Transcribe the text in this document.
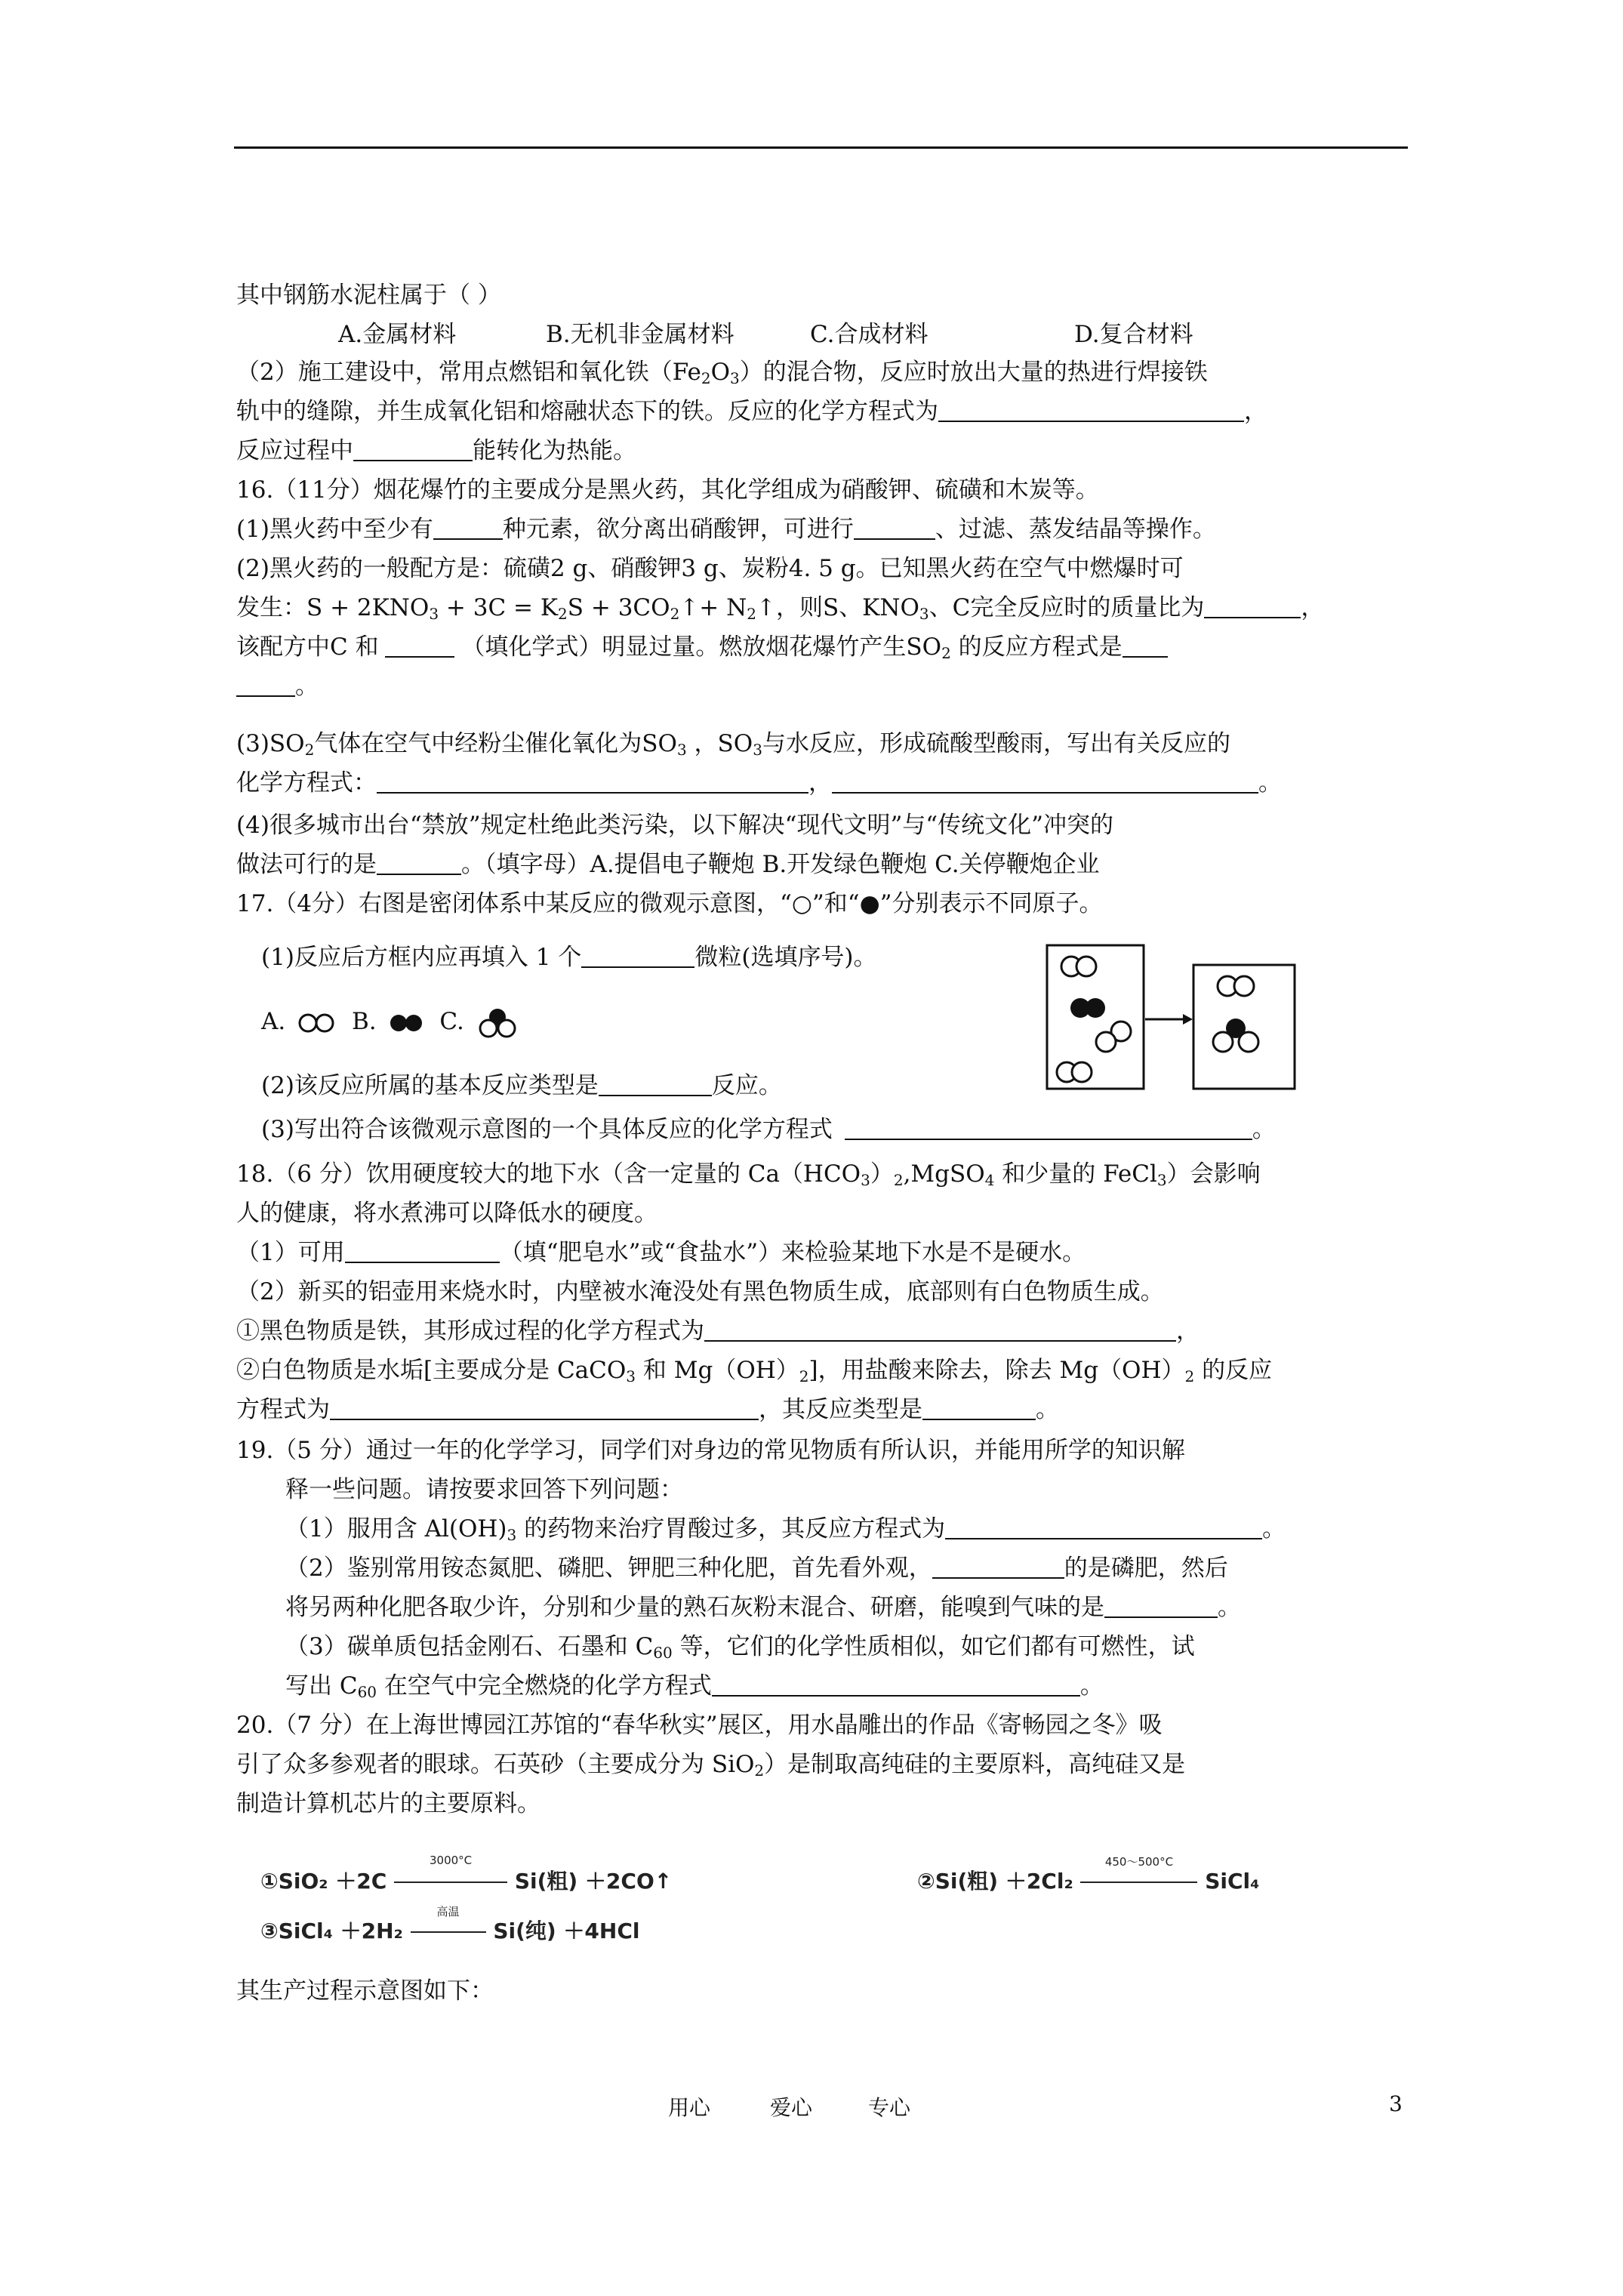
其中钢筋水泥柱属于（ ）
A.金属材料	B.无机非金属材料	C.合成材料	D.复合材料
（2）施工建设中，常用点燃铝和氧化铁$(Fe_2O_3)$的混合物，反应时放出大量的热进行焊接铁
轨中的缝隙，并生成氧化铝和熔融状态下的铁。反应的化学方程式为	，
反应过程中	能转化为热能。
16.（11分）烟花爆竹的主要成分是黑火药，其化学组成为硝酸钾、硫磺和木炭等。
(1)黑火药中至少有	种元素，欲分离出硝酸钾，可进行	、过滤、蒸发结晶等操作。
(2)黑火药的一般配方是：硫磺2 g、硝酸钾3 g、炭粉4. 5 g。已知黑火药在空气中燃爆时可
发生：$S + 2KNO_3 + 3C = K_2S$ + $3CO_2↑+$ $N_2↑$，则S、$KNO_3$、C完全反应时的质量比为	，
该配方中C 和	（填化学式）明显过量。燃放烟花爆竹产生$SO_2$ 的反应方程式是
。
$(3)SO_2$气体在空气中经粉尘催化氧化为$SO_3$ ，$SO_3$与水反应，形成硫酸型酸雨，写出有关反应的
化学方程式：	，	。
(4)很多城市出台“禁放”规定杜绝此类污染，以下解决“现代文明”与“传统文化”冲突的
做法可行的是	。（填字母）A.提倡电子鞭炮 B.开发绿色鞭炮 C.关停鞭炮企业
17.（4分）右图是密闭体系中某反应的微观示意图，“○”和“●”分别表示不同原子。
(1)反应后方框内应再填入 1 个	微粒(选填序号)。
A.	B.	C.
(2)该反应所属的基本反应类型是	反应。
(3)写出符合该微观示意图的一个具体反应的化学方程式	。
18.（6 分）饮用硬度较大的地下水（含一定量的 $Ca(HCO_3)_2,MgSO_4$ 和少量的 FeCl$_3$）会影响
人的健康，将水煮沸可以降低水的硬度。
（1）可用	（填“肥皂水”或“食盐水”）来检验某地下水是不是硬水。
（2）新买的铝壶用来烧水时，内壁被水淹没处有黑色物质生成，底部则有白色物质生成。
①黑色物质是铁，其形成过程的化学方程式为	，
②白色物质是水垢[主要成分是 CaCO$_3$ 和 $Mg(OH)_2$]，用盐酸来除去，除去 $Mg(OH)_2$ 的反应
方程式为	，其反应类型是	。
19.（5 分）通过一年的化学学习，同学们对身边的常见物质有所认识，并能用所学的知识解
释一些问题。请按要求回答下列问题：
（1）服用含 $Al(OH)_3$ 的药物来治疗胃酸过多，其反应方程式为	。
（2）鉴别常用铵态氮肥、磷肥、钾肥三种化肥，首先看外观，	的是磷肥，然后
将另两种化肥各取少许，分别和少量的熟石灰粉末混合、研磨，能嗅到气味的是	。
（3）碳单质包括金刚石、石墨和 $C_{60}$ 等，它们的化学性质相似，如它们都有可燃性，试
写出 $C_{60}$ 在空气中完全燃烧的化学方程式	。
20.（7 分）在上海世博园江苏馆的“春华秋实”展区，用水晶雕出的作品《寄畅园之冬》吸
引了众多参观者的眼球。石英砂（主要成分为 SiO$_2$）是制取高纯硅的主要原料，高纯硅又是
制造计算机芯片的主要原料。
①SiO₂ ＋2C
3000°C
Si(粗) ＋2CO↑	②Si(粗) ＋2Cl₂
450～500°C
SiCl₄
③SiCl₄ ＋2H₂
高温
Si(纯) ＋4HCl
其生产过程示意图如下：
用心	爱心	专心	3
